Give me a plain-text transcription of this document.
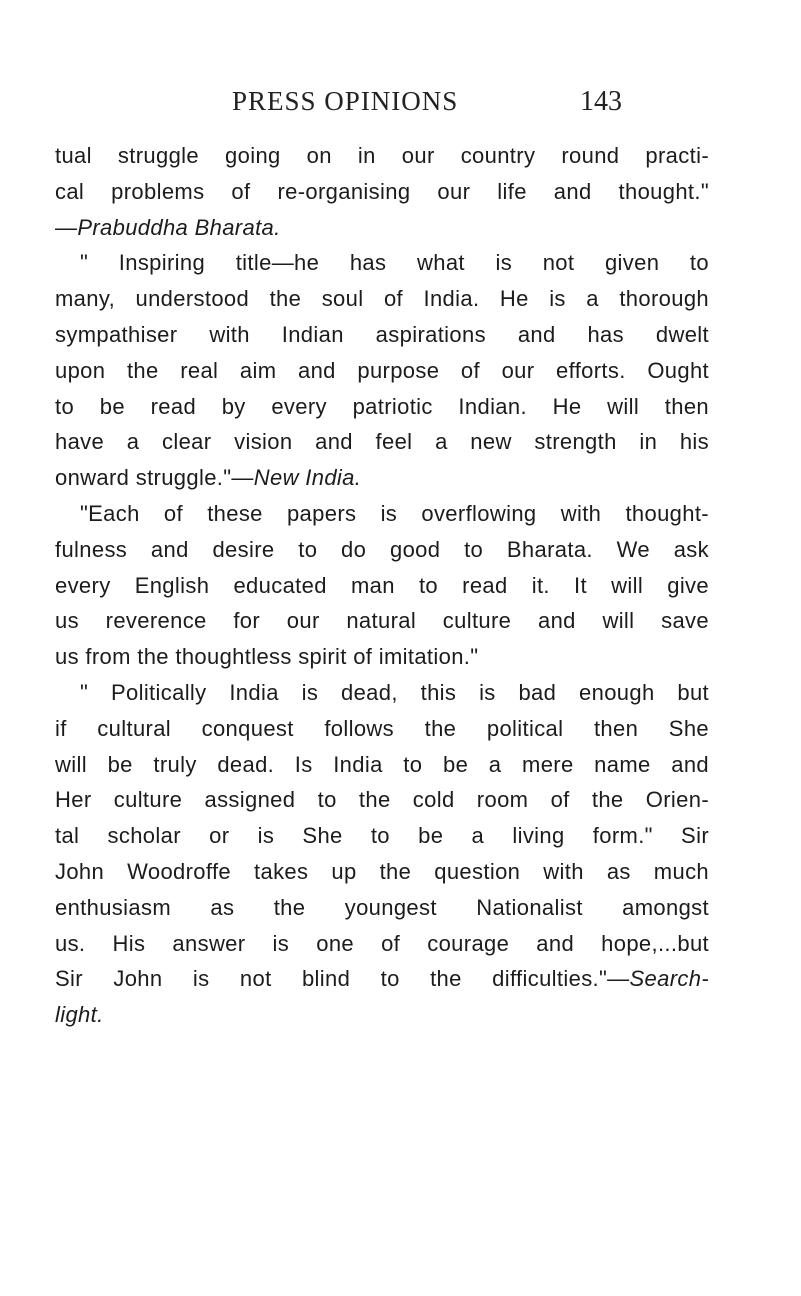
PRESS OPINIONS	143
tual struggle going on in our country round practi-
cal problems of re-organising our life and thought."
—Prabuddha Bharata.
" Inspiring title—he has what is not given to
many, understood the soul of India. He is a thorough
sympathiser with Indian aspirations and has dwelt
upon the real aim and purpose of our efforts. Ought
to be read by every patriotic Indian. He will then
have a clear vision and feel a new strength in his
onward struggle."—New India.
"Each of these papers is overflowing with thought-
fulness and desire to do good to Bharata. We ask
every English educated man to read it. It will give
us reverence for our natural culture and will save
us from the thoughtless spirit of imitation."
" Politically India is dead, this is bad enough but
if cultural conquest follows the political then She
will be truly dead. Is India to be a mere name and
Her culture assigned to the cold room of the Orien-
tal scholar or is She to be a living form." Sir
John Woodroffe takes up the question with as much
enthusiasm as the youngest Nationalist amongst
us. His answer is one of courage and hope,...but
Sir John is not blind to the difficulties."—Search-
light.
